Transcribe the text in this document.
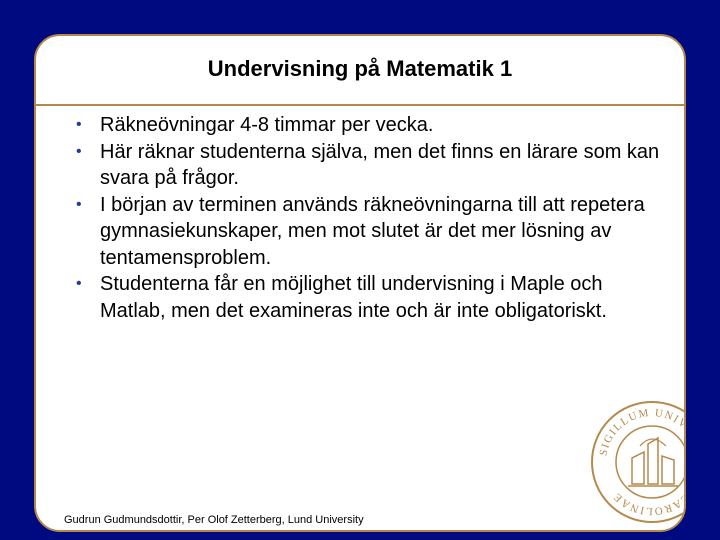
Undervisning på Matematik 1
• Räkneövningar 4-8 timmar per vecka.
• Här räknar studenterna själva, men det finns en lärare som kan svara på frågor.
• I början av terminen används räkneövningarna till att repetera gymnasiekunskaper, men mot slutet är det mer lösning av tentamensproblem.
• Studenterna får en möjlighet till undervisning i Maple och Matlab, men det examineras inte och är inte obligatoriskt.
SIGILLUM UNIVERSITATIS CAROLINAE
Gudrun Gudmundsdottir, Per Olof Zetterberg, Lund University
